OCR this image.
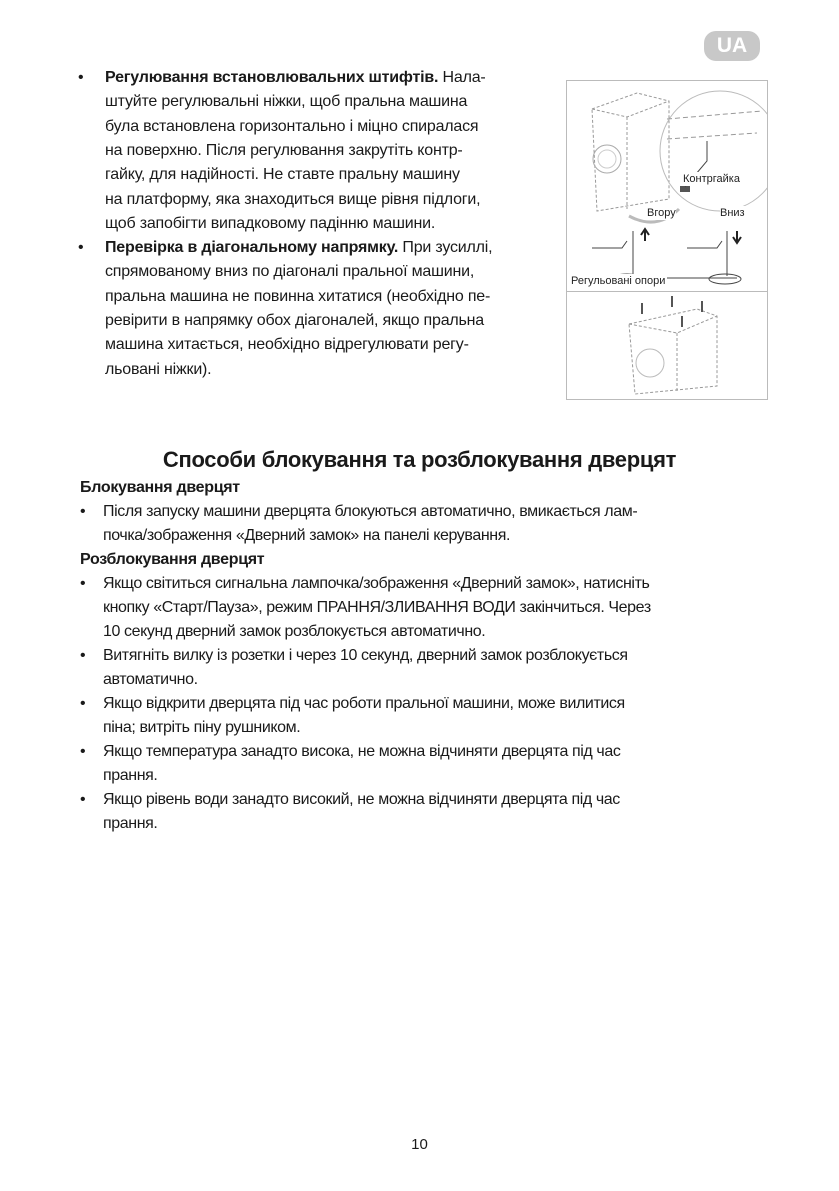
UA
Регулювання встановлювальних штифтів. Нала-
•
штуйте регулювальні ніжки, щоб пральна машина
була встановлена горизонтально і міцно спиралася
на поверхню. Після регулювання закрутіть контр-
гайку, для надійності. Не ставте пральну машину
на платформу, яка знаходиться вище рівня підлоги,
щоб запобігти випадковому падінню машини.
Перевірка в діагональному напрямку. При зусиллі,
•
спрямованому вниз по діагоналі пральної машини,
пральна машина не повинна хитатися (необхідно пе-
ревірити в напрямку обох діагоналей, якщо пральна
машина хитається, необхідно відрегулювати регу-
льовані ніжки).
Контргайка
Вгору	Вниз
Регульовані опори
Способи блокування та розблокування дверцят
Блокування дверцят
Після запуску машини дверцята блокуються автоматично, вмикається лам-
•
почка/зображення «Дверний замок» на панелі керування.
Розблокування дверцят
Якщо світиться сигнальна лампочка/зображення «Дверний замок», натисніть
•
кнопку «Старт/Пауза», режим ПРАННЯ/ЗЛИВАННЯ ВОДИ закінчиться. Через
10 секунд дверний замок розблокується автоматично.
Витягніть вилку із розетки і через 10 секунд, дверний замок розблокується
•
автоматично.
Якщо відкрити дверцята під час роботи пральної машини, може вилитися
•
піна; витріть піну рушником.
Якщо температура занадто висока, не можна відчиняти дверцята під час
•
прання.
Якщо рівень води занадто високий, не можна відчиняти дверцята під час
•
прання.
10
